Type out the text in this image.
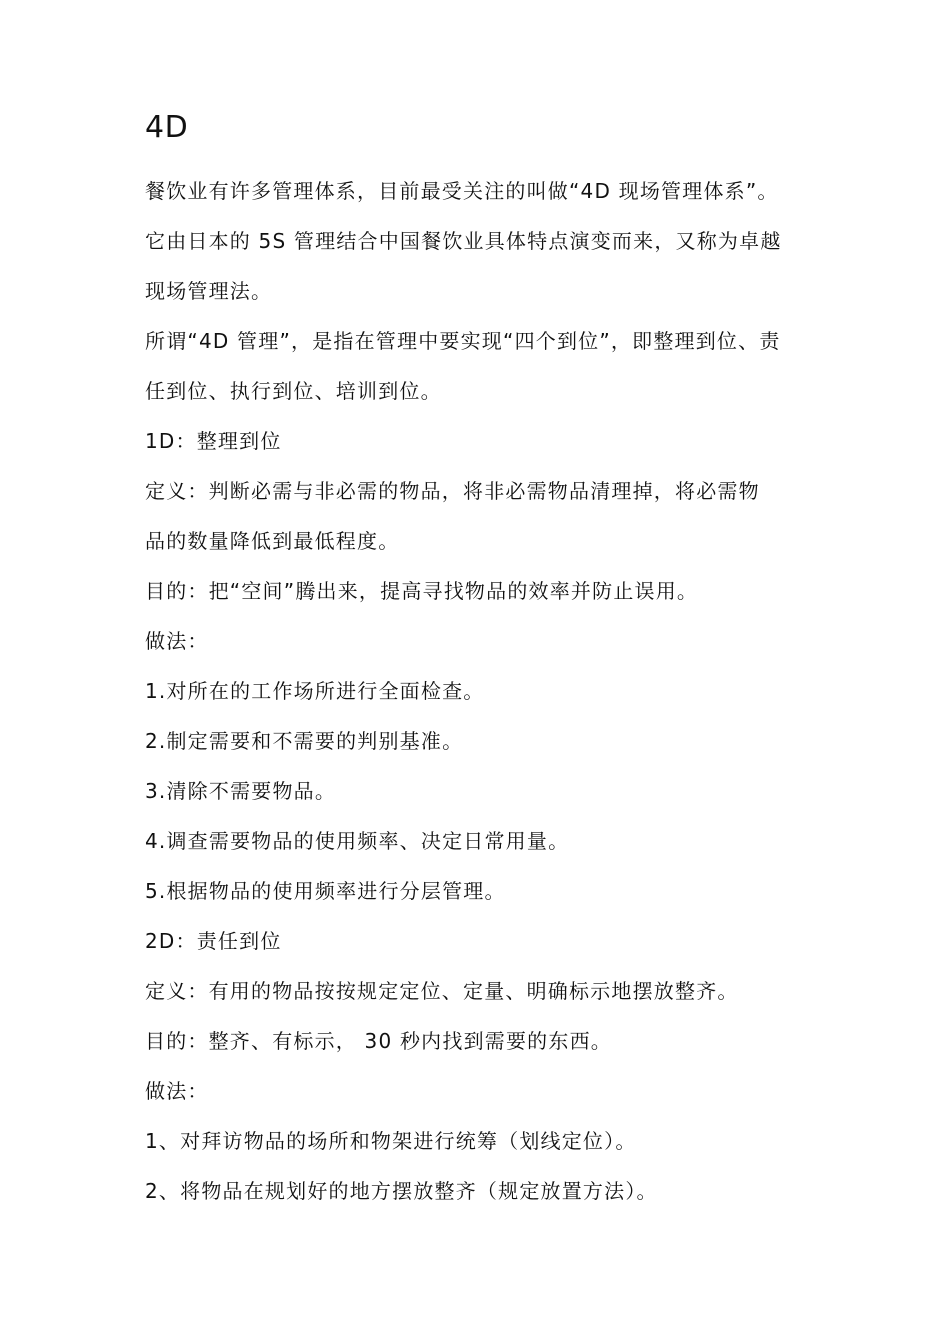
4D

餐饮业有许多管理体系，目前最受关注的叫做“4D 现场管理体系”。

它由日本的 5S 管理结合中国餐饮业具体特点演变而来，又称为卓越

现场管理法。

所谓“4D 管理”，是指在管理中要实现“四个到位”，即整理到位、责

任到位、执行到位、培训到位。

1D：整理到位

定义：判断必需与非必需的物品，将非必需物品清理掉，将必需物

品的数量降低到最低程度。

目的：把“空间”腾出来，提高寻找物品的效率并防止误用。

做法：

1.对所在的工作场所进行全面检查。

2.制定需要和不需要的判别基准。

3.清除不需要物品。

4.调查需要物品的使用频率、决定日常用量。

5.根据物品的使用频率进行分层管理。

2D：责任到位

定义：有用的物品按按规定定位、定量、明确标示地摆放整齐。

目的：整齐、有标示， 30 秒内找到需要的东西。

做法：

1、对拜访物品的场所和物架进行统筹（划线定位）。

2、将物品在规划好的地方摆放整齐（规定放置方法）。
